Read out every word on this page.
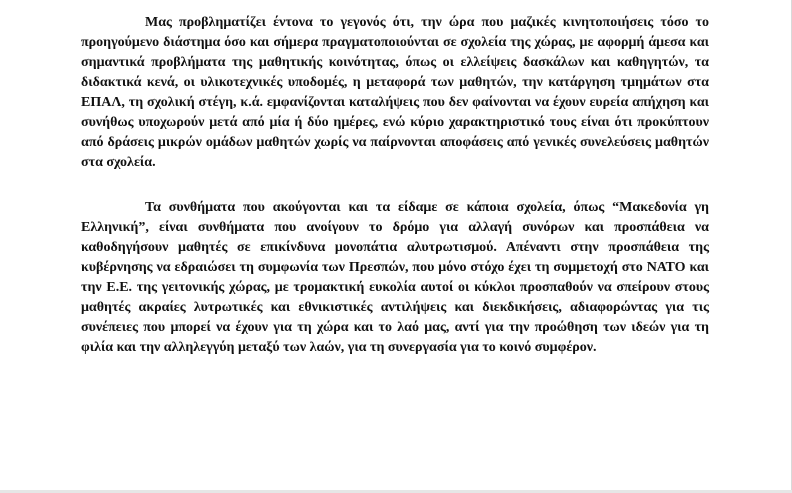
Μας προβληματίζει έντονα το γεγονός ότι, την ώρα που μαζικές κινητοποιήσεις τόσο το προηγούμενο διάστημα όσο και σήμερα πραγματοποιούνται σε σχολεία της χώρας, με αφορμή άμεσα και σημαντικά προβλήματα της μαθητικής κοινότητας, όπως οι ελλείψεις δασκάλων και καθηγητών, τα διδακτικά κενά, οι υλικοτεχνικές υποδομές, η μεταφορά των μαθητών, την κατάργηση τμημάτων στα ΕΠΑΛ, τη σχολική στέγη, κ.ά. εμφανίζονται καταλήψεις που δεν φαίνονται να έχουν ευρεία απήχηση και συνήθως υποχωρούν μετά από μία ή δύο ημέρες, ενώ κύριο χαρακτηριστικό τους είναι ότι προκύπτουν από δράσεις μικρών ομάδων μαθητών χωρίς να παίρνονται αποφάσεις από γενικές συνελεύσεις μαθητών στα σχολεία.

Τα συνθήματα που ακούγονται και τα είδαμε σε κάποια σχολεία, όπως “Μακεδονία γη Ελληνική”, είναι συνθήματα που ανοίγουν το δρόμο για αλλαγή συνόρων και προσπάθεια να καθοδηγήσουν μαθητές σε επικίνδυνα μονοπάτια αλυτρωτισμού. Απέναντι στην προσπάθεια της κυβέρνησης να εδραιώσει τη συμφωνία των Πρεσπών, που μόνο στόχο έχει τη συμμετοχή στο ΝΑΤΟ και την Ε.Ε. της γειτονικής χώρας, με τρομακτική ευκολία αυτοί οι κύκλοι προσπαθούν να σπείρουν στους μαθητές ακραίες λυτρωτικές και εθνικιστικές αντιλήψεις και διεκδικήσεις, αδιαφορώντας για τις συνέπειες που μπορεί να έχουν για τη χώρα και το λαό μας, αντί για την προώθηση των ιδεών για τη φιλία και την αλληλεγγύη μεταξύ των λαών, για τη συνεργασία για το κοινό συμφέρον.
